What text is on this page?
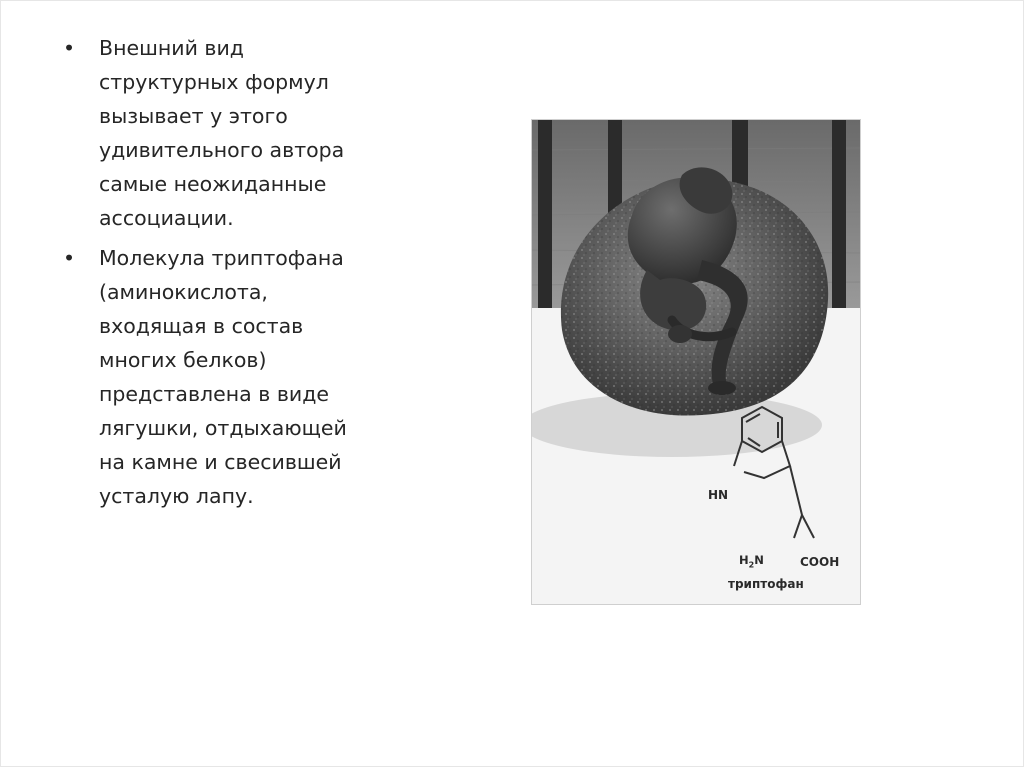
•	Внешний вид
структурных формул
вызывает у этого
удивительного автора
самые неожиданные
ассоциации.
•	Молекула триптофана
(аминокислота,
входящая в состав
многих белков)
представлена в виде
лягушки, отдыхающей
на камне и свесившей
усталую лапу.	HN
$H_2N$	COOH
триптофан
